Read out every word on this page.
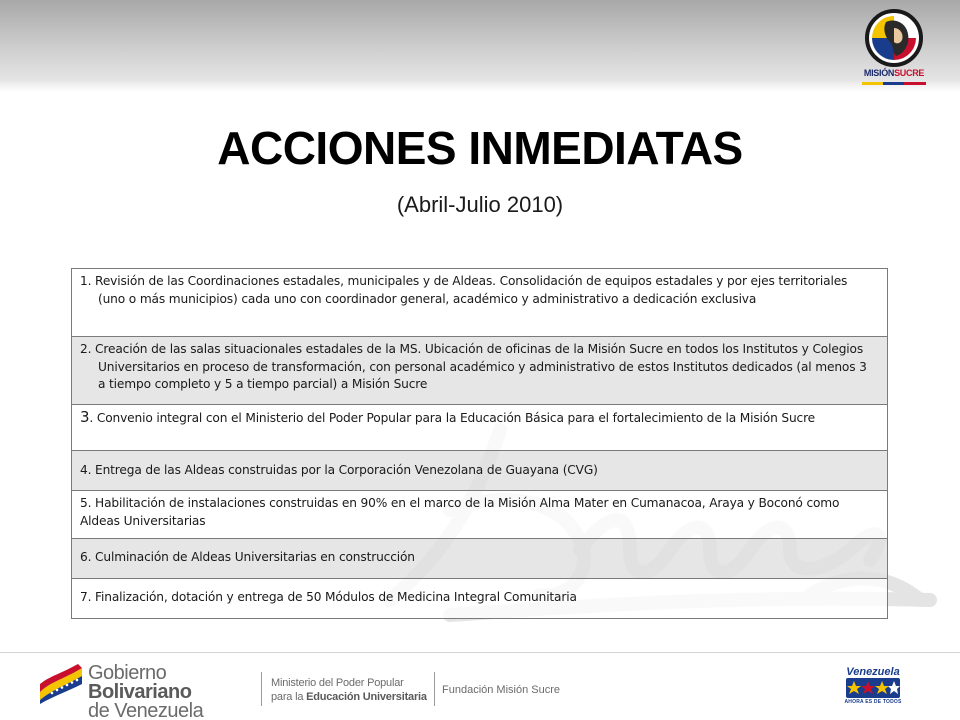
MISIÓNSUCRE
ACCIONES INMEDIATAS
(Abril-Julio 2010)
1. Revisión de las Coordinaciones estadales, municipales y de Aldeas. Consolidación de equipos estadales y por ejes territoriales (uno o más municipios) cada uno con coordinador general, académico y administrativo a dedicación exclusiva
2. Creación de las salas situacionales estadales de la MS. Ubicación de oficinas de la Misión Sucre en todos los Institutos y Colegios Universitarios en proceso de transformación, con personal académico y administrativo de estos Institutos dedicados (al menos 3 a tiempo completo y 5 a tiempo parcial) a Misión Sucre
3. Convenio integral con el Ministerio del Poder Popular para la Educación Básica para el fortalecimiento de la Misión Sucre
4. Entrega de las Aldeas construidas por la Corporación Venezolana de Guayana (CVG)
5. Habilitación de instalaciones construidas en 90% en el marco de la Misión Alma Mater en Cumanacoa, Araya y Boconó como Aldeas Universitarias
6. Culminación de Aldeas Universitarias en construcción
7. Finalización, dotación y entrega de 50 Módulos de Medicina Integral Comunitaria
Gobierno Bolivariano
de Venezuela
Ministerio del Poder Popular
para la Educación Universitaria
Fundación Misión Sucre
Venezuela
AHORA ES DE TODOS
